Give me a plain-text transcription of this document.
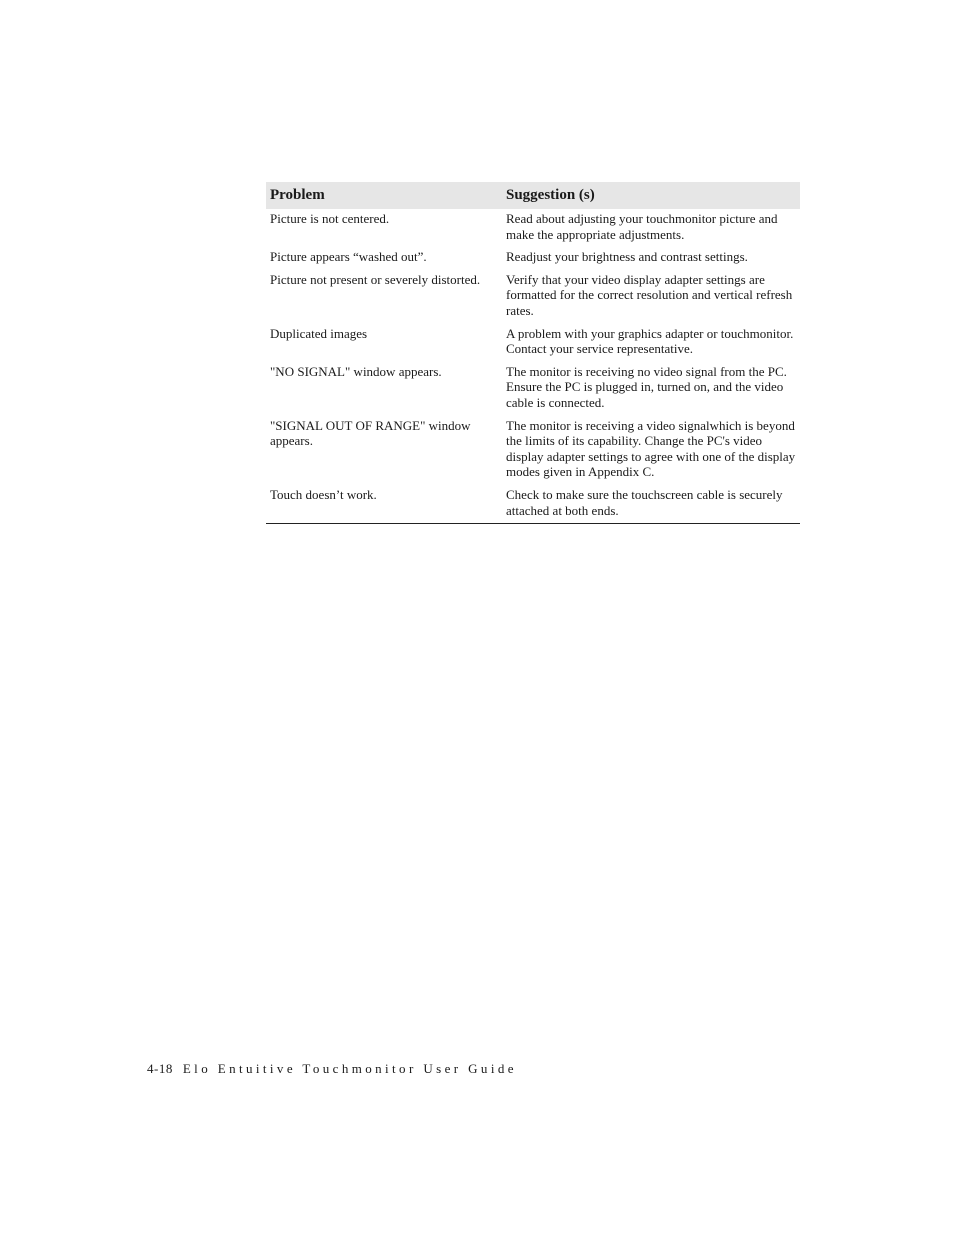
Problem	Suggestion (s)
Picture is not centered.	Read about adjusting your touchmonitor picture and make the appropriate adjustments.
Picture appears “washed out”.	Readjust your brightness and contrast settings.
Picture not present or severely distorted.	Verify that your video display adapter settings are formatted for the correct resolution and vertical refresh rates.
Duplicated images	A problem with your graphics adapter or touchmonitor. Contact your service representative.
"NO SIGNAL" window appears.	The monitor is receiving no video signal from the PC. Ensure the PC is plugged in, turned on, and the video cable is connected.
"SIGNAL OUT OF RANGE" window appears.	The monitor is receiving a video signalwhich is beyond the limits of its capability. Change the PC's video display adapter settings to agree with one of the display modes given in Appendix C.
Touch doesn’t work.	Check to make sure the touchscreen cable is securely attached at both ends.
4-18 Elo Entuitive Touchmonitor User Guide
